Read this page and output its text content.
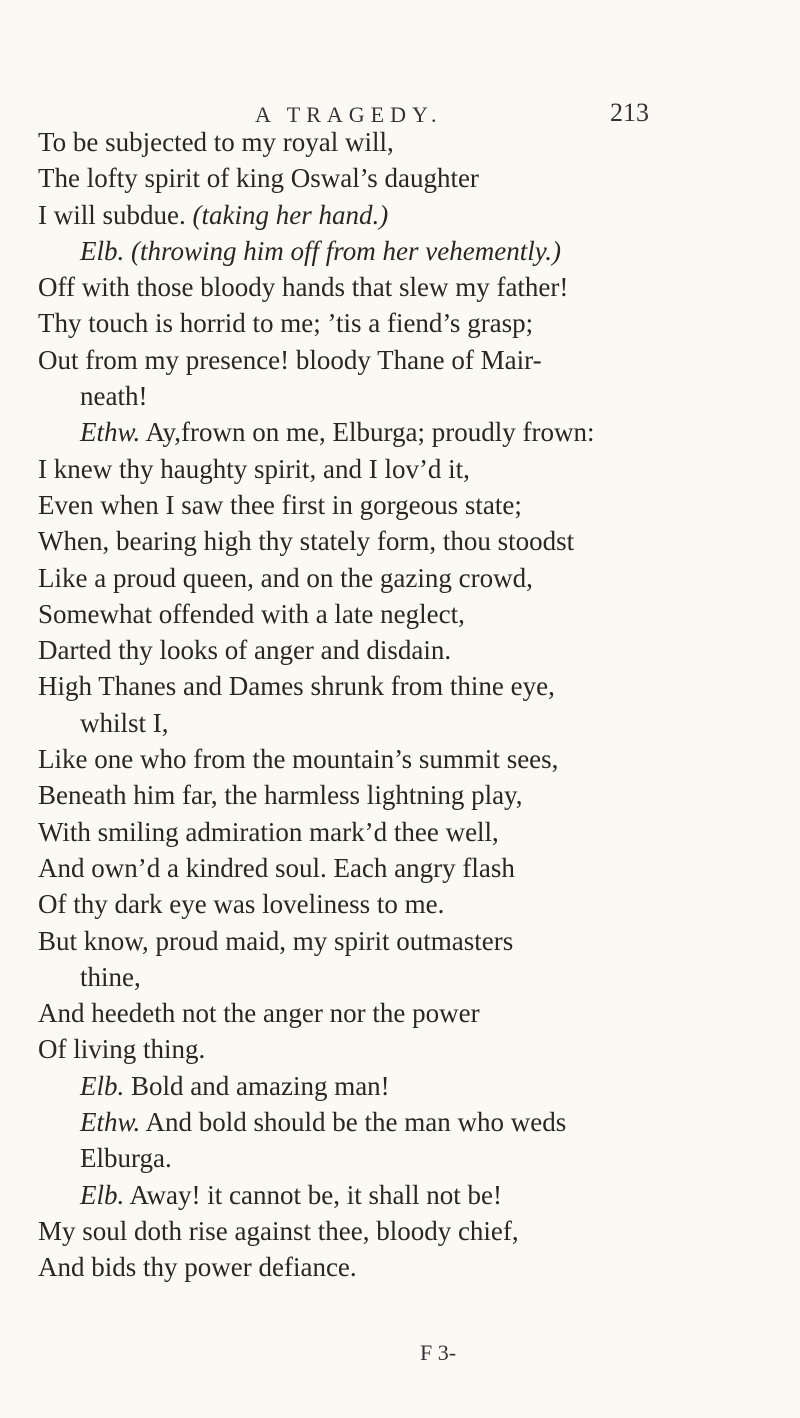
A TRAGEDY.	213
To be subjected to my royal will,
The lofty spirit of king Oswal’s daughter
I will subdue. (taking her hand.)
Elb. (throwing him off from her vehemently.)
Off with those bloody hands that slew my father!
Thy touch is horrid to me; ’tis a fiend’s grasp;
Out from my presence! bloody Thane of Mair-
neath!
Ethw. Ay,frown on me, Elburga; proudly frown:
I knew thy haughty spirit, and I lov’d it,
Even when I saw thee first in gorgeous state;
When, bearing high thy stately form, thou stoodst
Like a proud queen, and on the gazing crowd,
Somewhat offended with a late neglect,
Darted thy looks of anger and disdain.
High Thanes and Dames shrunk from thine eye,
whilst I,
Like one who from the mountain’s summit sees,
Beneath him far, the harmless lightning play,
With smiling admiration mark’d thee well,
And own’d a kindred soul. Each angry flash
Of thy dark eye was loveliness to me.
But know, proud maid, my spirit outmasters
thine,
And heedeth not the anger nor the power
Of living thing.
Elb. Bold and amazing man!
Ethw. And bold should be the man who weds
Elburga.
Elb. Away! it cannot be, it shall not be!
My soul doth rise against thee, bloody chief,
And bids thy power defiance.
F 3-
